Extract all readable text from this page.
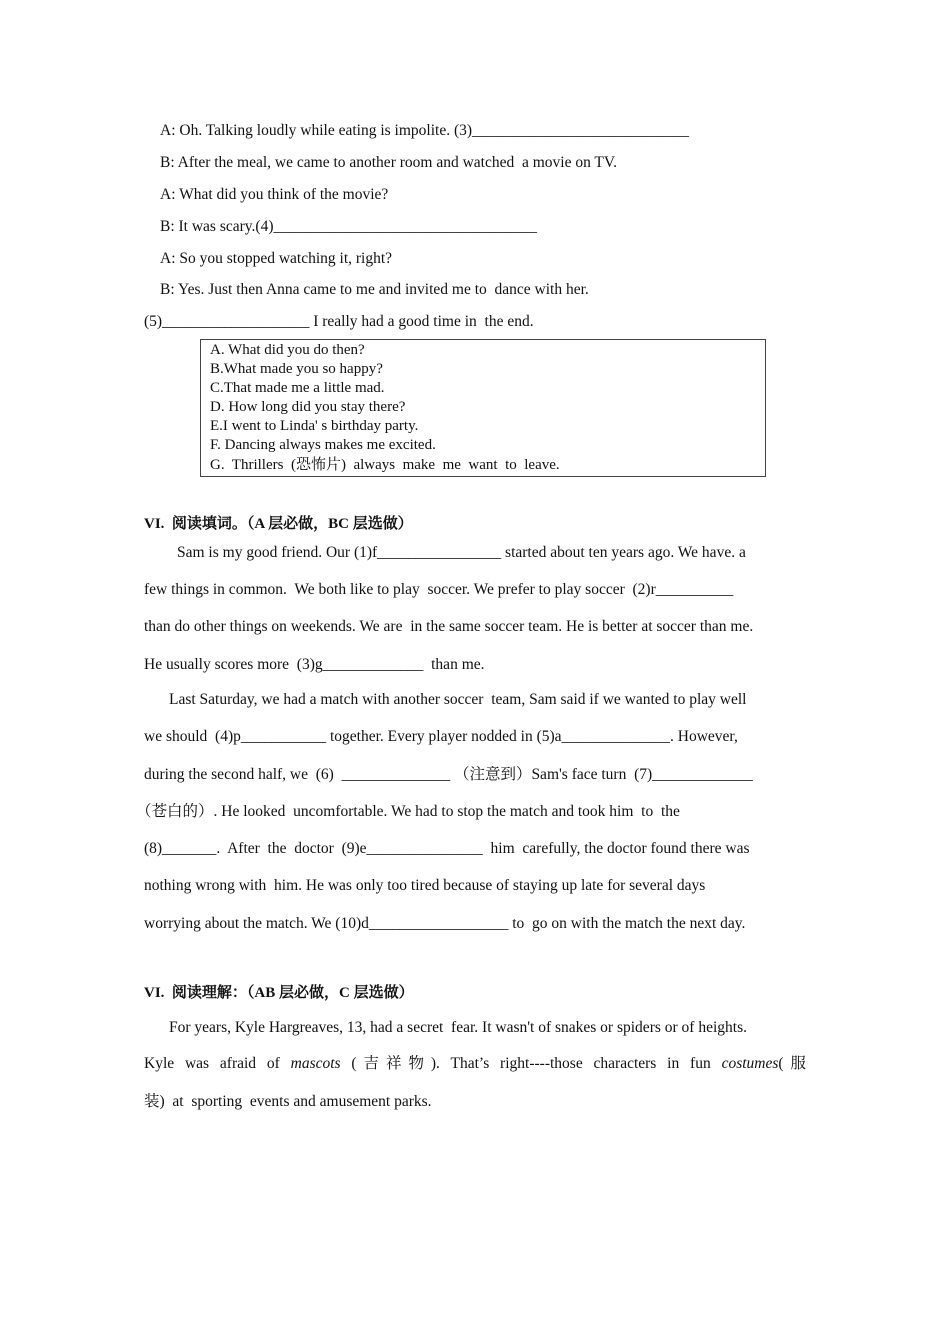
A: Oh. Talking loudly while eating is impolite. (3)____________________________
B: After the meal, we came to another room and watched  a movie on TV.
A: What did you think of the movie?
B: It was scary.(4)__________________________________
A: So you stopped watching it, right?
B: Yes. Just then Anna came to me and invited me to  dance with her.
(5)___________________ I really had a good time in  the end.
A. What did you do then?
B.What made you so happy?
C.That made me a little mad.
D. How long did you stay there?
E.I went to Linda' s birthday party.
F. Dancing always makes me excited.
G.  Thrillers  (恐怖片)  always  make  me  want  to  leave.
VI.  阅读填词。（A 层必做，BC 层选做）
Sam is my good friend. Our (1)f________________ started about ten years ago. We have. a
few things in common.  We both like to play  soccer. We prefer to play soccer  (2)r__________
than do other things on weekends. We are  in the same soccer team. He is better at soccer than me.
He usually scores more  (3)g_____________  than me.
Last Saturday, we had a match with another soccer  team, Sam said if we wanted to play well
we should  (4)p___________ together. Every player nodded in (5)a______________. However,
during the second half, we  (6)  ______________ （注意到）Sam's face turn  (7)_____________
（苍白的）. He looked  uncomfortable. We had to stop the match and took him  to  the
(8)_______.  After  the  doctor  (9)e_______________  him  carefully, the doctor found there was
nothing wrong with  him. He was only too tired because of staying up late for several days
worrying about the match. We (10)d__________________ to  go on with the match the next day.
VI.  阅读理解：（AB 层必做，C 层选做）
For years, Kyle Hargreaves, 13, had a secret  fear. It wasn't of snakes or spiders or of heights.
Kyle was afraid of mascots (吉祥物). That’s right----those characters in fun costumes(服
装)  at  sporting  events and amusement parks.
